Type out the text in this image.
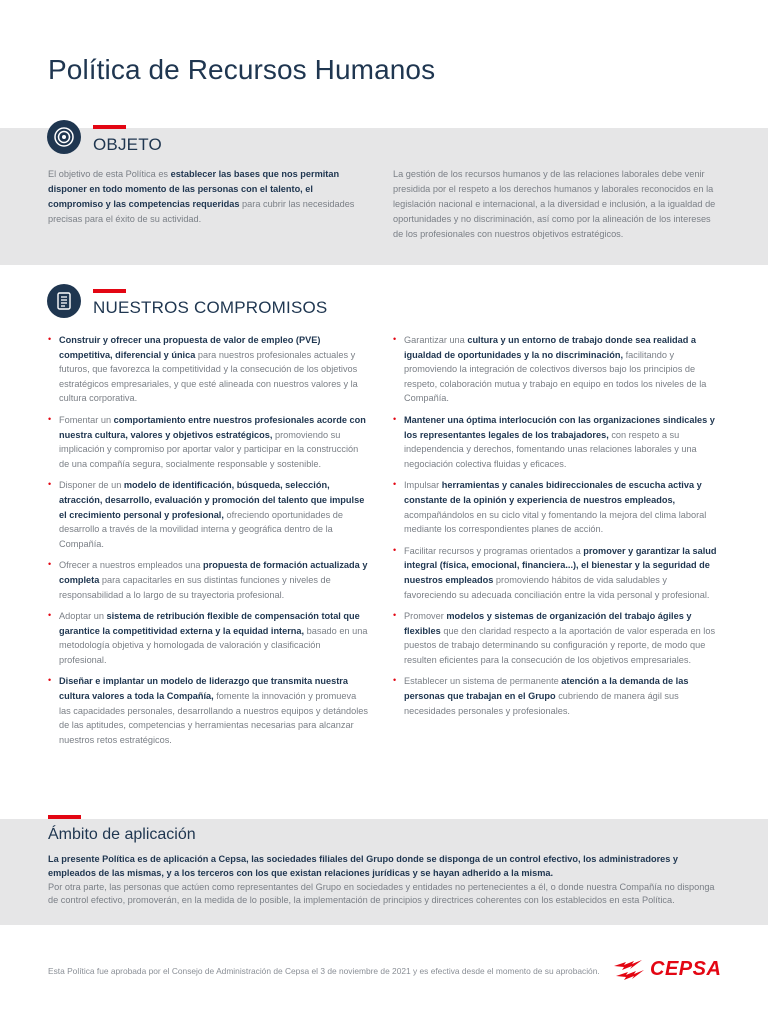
Política de Recursos Humanos
OBJETO

El objetivo de esta Política es establecer las bases que nos permitan disponer en todo momento de las personas con el talento, el compromiso y las competencias requeridas para cubrir las necesidades precisas para el éxito de su actividad.

La gestión de los recursos humanos y de las relaciones laborales debe venir presidida por el respeto a los derechos humanos y laborales reconocidos en la legislación nacional e internacional, a la diversidad e inclusión, a la igualdad de oportunidades y no discriminación, así como por la alineación de los intereses de los profesionales con nuestros objetivos estratégicos.

NUESTROS COMPROMISOS
• Construir y ofrecer una propuesta de valor de empleo (PVE) competitiva, diferencial y única para nuestros profesionales actuales y futuros, que favorezca la competitividad y la consecución de los objetivos estratégicos empresariales, y que esté alineada con nuestros valores y la cultura corporativa.
• Fomentar un comportamiento entre nuestros profesionales acorde con nuestra cultura, valores y objetivos estratégicos, promoviendo su implicación y compromiso por aportar valor y participar en la construcción de una compañía segura, socialmente responsable y sostenible.
• Disponer de un modelo de identificación, búsqueda, selección, atracción, desarrollo, evaluación y promoción del talento que impulse el crecimiento personal y profesional, ofreciendo oportunidades de desarrollo a través de la movilidad interna y geográfica dentro de la Compañía.
• Ofrecer a nuestros empleados una propuesta de formación actualizada y completa para capacitarles en sus distintas funciones y niveles de responsabilidad a lo largo de su trayectoria profesional.
• Adoptar un sistema de retribución flexible de compensación total que garantice la competitividad externa y la equidad interna, basado en una metodología objetiva y homologada de valoración y clasificación profesional.
• Diseñar e implantar un modelo de liderazgo que transmita nuestra cultura valores a toda la Compañía, fomente la innovación y promueva las capacidades personales, desarrollando a nuestros equipos y detándoles de las aptitudes, competencias y herramientas necesarias para alcanzar nuestros retos estratégicos.
• Garantizar una cultura y un entorno de trabajo donde sea realidad a igualdad de oportunidades y la no discriminación, facilitando y promoviendo la integración de colectivos diversos bajo los principios de respeto, colaboración mutua y trabajo en equipo en todos los niveles de la Compañía.
• Mantener una óptima interlocución con las organizaciones sindicales y los representantes legales de los trabajadores, con respeto a su independencia y derechos, fomentando unas relaciones laborales y una negociación colectiva fluidas y eficaces.
• Impulsar herramientas y canales bidireccionales de escucha activa y constante de la opinión y experiencia de nuestros empleados, acompañándolos en su ciclo vital y fomentando la mejora del clima laboral mediante los correspondientes planes de acción.
• Facilitar recursos y programas orientados a promover y garantizar la salud integral (física, emocional, financiera...), el bienestar y la seguridad de nuestros empleados promoviendo hábitos de vida saludables y favoreciendo su adecuada conciliación entre la vida personal y profesional.
• Promover modelos y sistemas de organización del trabajo ágiles y flexibles que den claridad respecto a la aportación de valor esperada en los puestos de trabajo determinando su configuración y reporte, de modo que resulten eficientes para la consecución de los objetivos empresariales.
• Establecer un sistema de permanente atención a la demanda de las personas que trabajan en el Grupo cubriendo de manera ágil sus necesidades personales y profesionales.
Ámbito de aplicación

La presente Política es de aplicación a Cepsa, las sociedades filiales del Grupo donde se disponga de un control efectivo, los administradores y empleados de las mismas, y a los terceros con los que existan relaciones jurídicas y se hayan adherido a la misma.

Por otra parte, las personas que actúen como representantes del Grupo en sociedades y entidades no pertenecientes a él, o donde nuestra Compañía no disponga de control efectivo, promoverán, en la medida de lo posible, la implementación de principios y directrices coherentes con los establecidos en esta Política.

Esta Política fue aprobada por el Consejo de Administración de Cepsa el 3 de noviembre de 2021 y es efectiva desde el momento de su aprobación.	CEPSA
